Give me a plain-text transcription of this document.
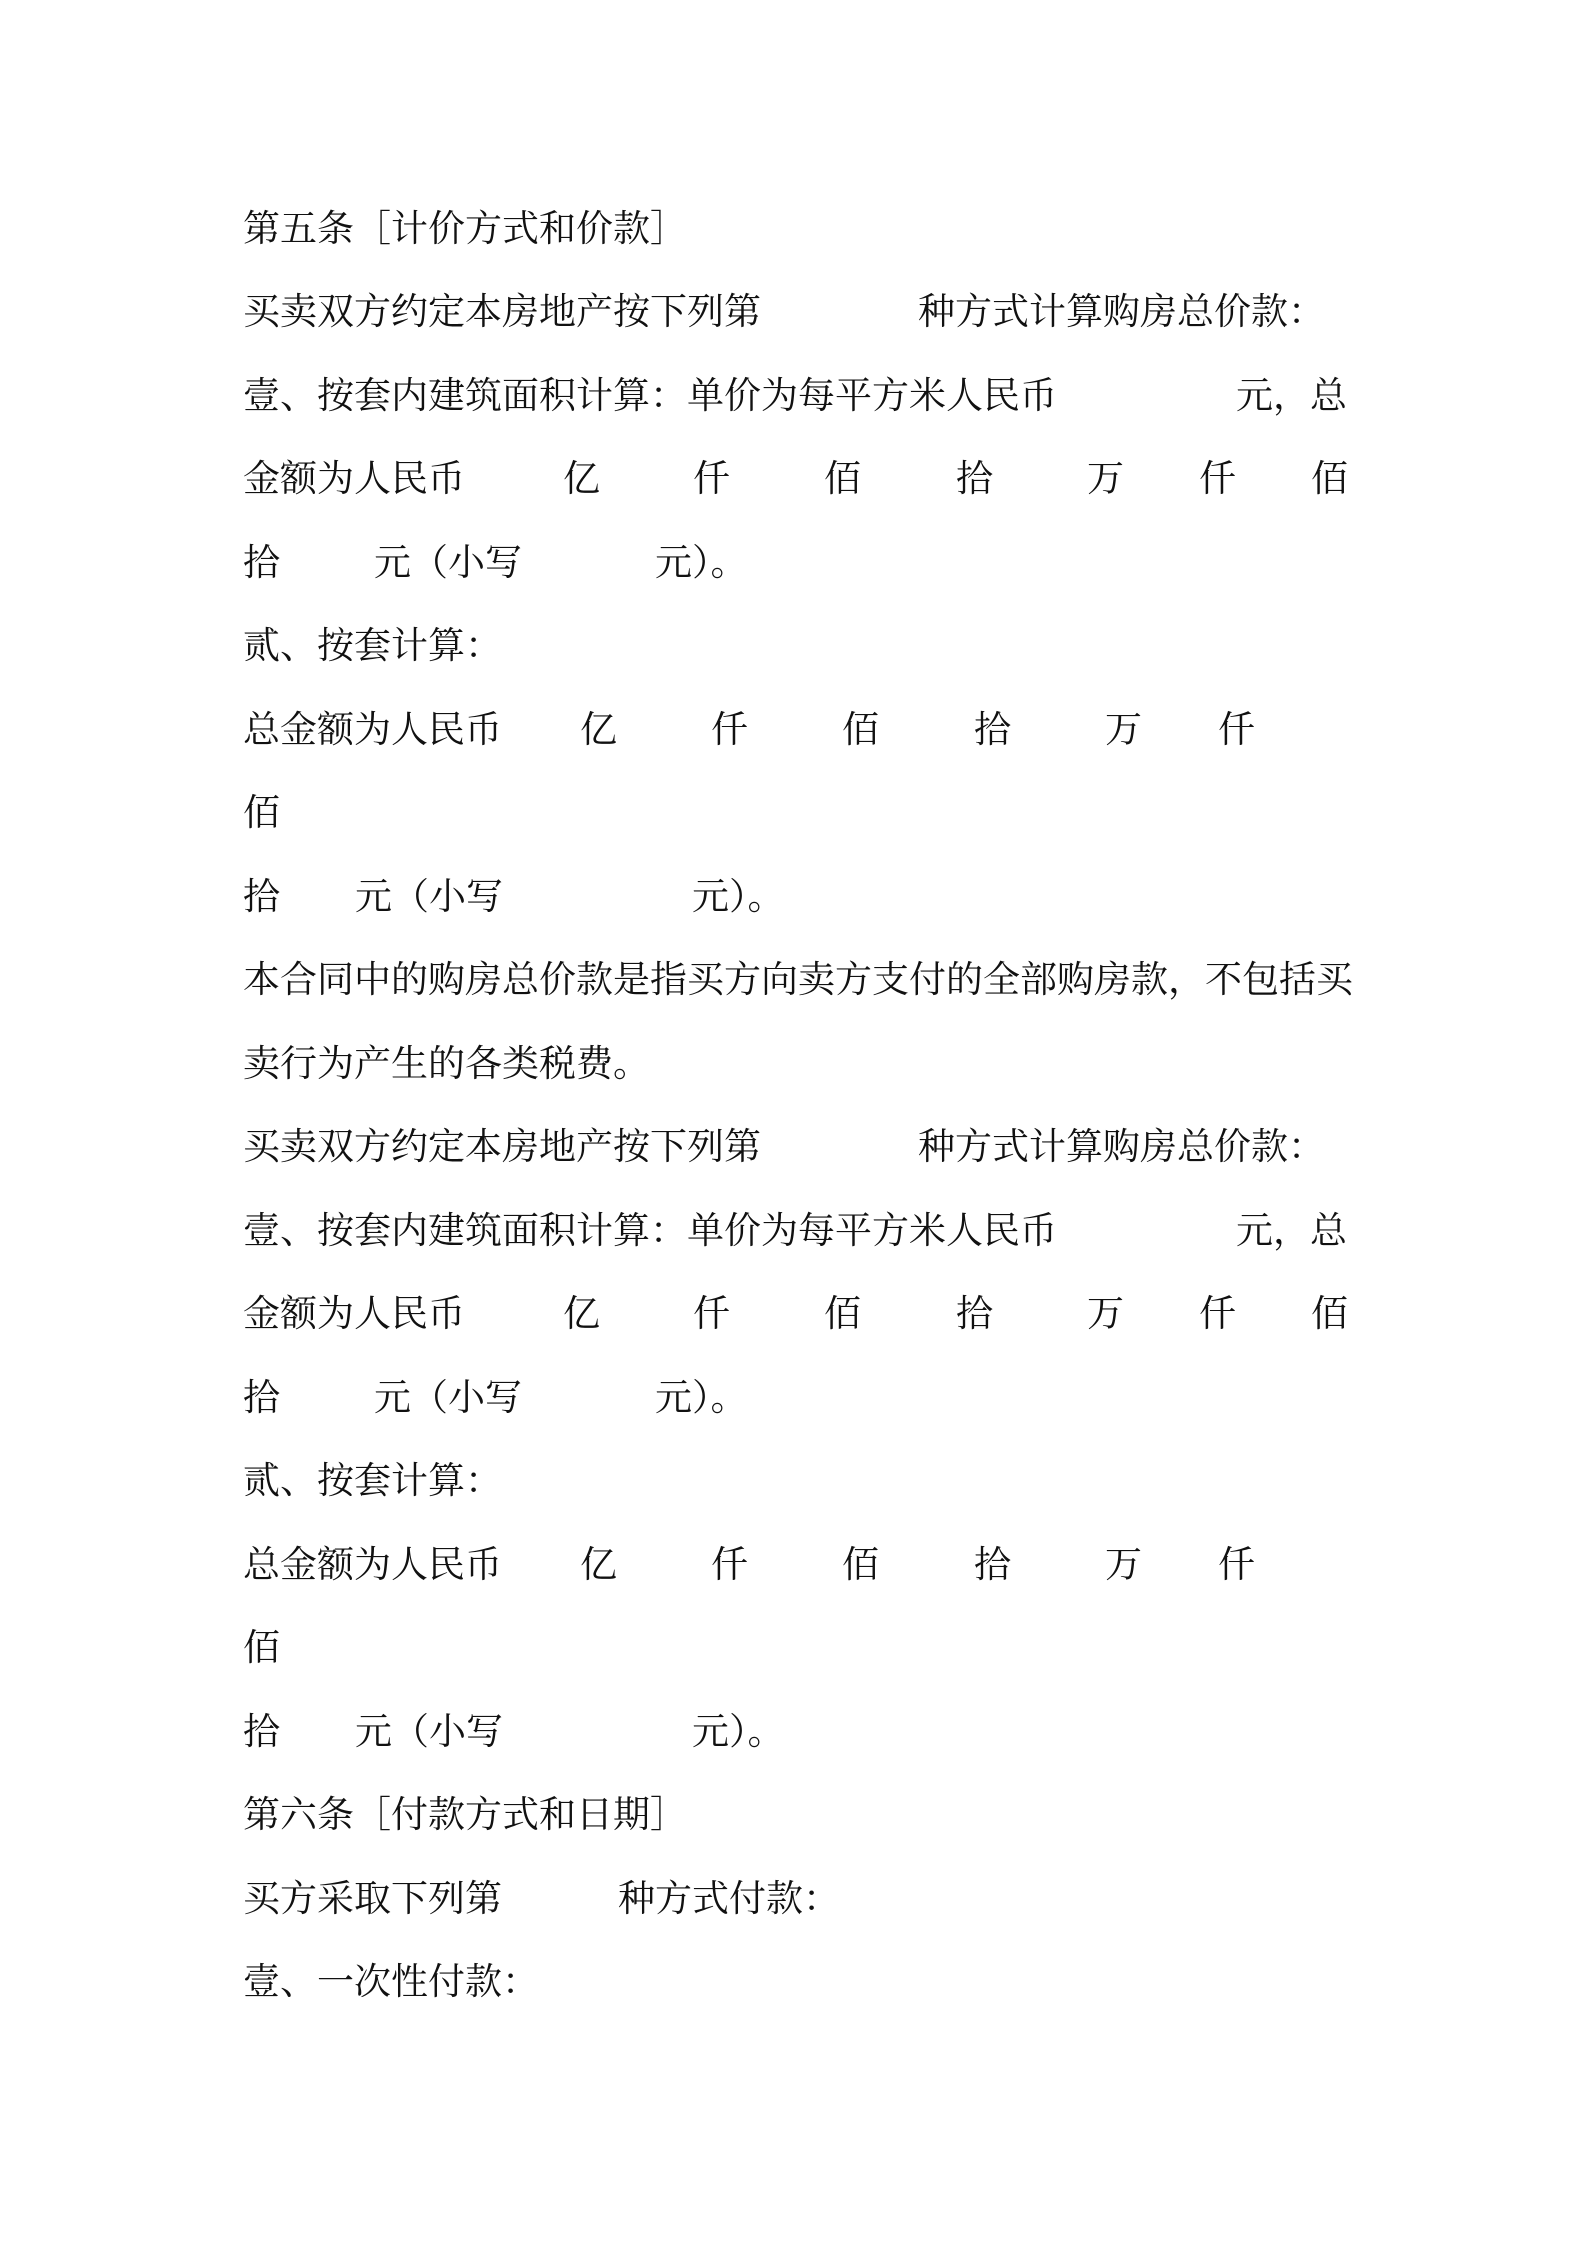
第五条［计价方式和价款］
买卖双方约定本房地产按下列第	种方式计算购房总价款：
壹、按套内建筑面积计算：单价为每平方米人民币	元，总
金额为人民币	亿	仟	佰	拾	万 仟 佰
拾	元（小写	元）。
贰、按套计算：
总金额为人民币 亿	仟	佰	拾	万 仟
佰
拾 元（小写	元）。
本合同中的购房总价款是指买方向卖方支付的全部购房款，不包括买
卖行为产生的各类税费。
买卖双方约定本房地产按下列第	种方式计算购房总价款：
壹、按套内建筑面积计算：单价为每平方米人民币	元，总
金额为人民币	亿	仟	佰	拾	万 仟 佰
拾	元（小写	元）。
贰、按套计算：
总金额为人民币 亿	仟	佰	拾	万 仟
佰
拾 元（小写	元）。
第六条［付款方式和日期］
买方采取下列第	种方式付款：
壹、一次性付款：
